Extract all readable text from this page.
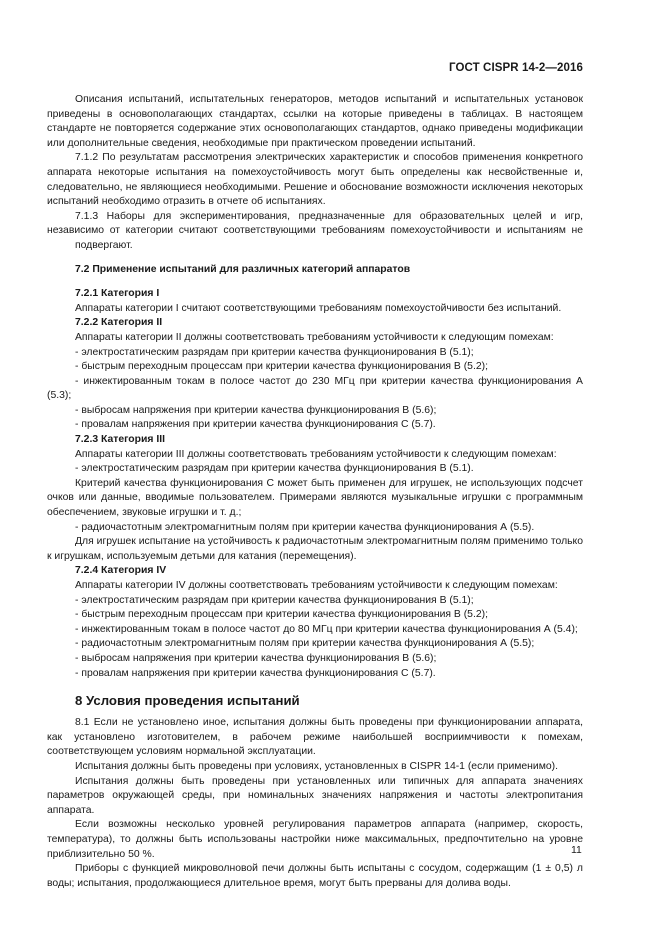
ГОСТ CISPR 14-2—2016

Описания испытаний, испытательных генераторов, методов испытаний и испытательных установок приведены в основополагающих стандартах, ссылки на которые приведены в таблицах. В настоящем стандарте не повторяется содержание этих основополагающих стандартов, однако приведены модификации или дополнительные сведения, необходимые при практическом проведении испытаний.

7.1.2 По результатам рассмотрения электрических характеристик и способов применения конкретного аппарата некоторые испытания на помехоустойчивость могут быть определены как несвойственные и, следовательно, не являющиеся необходимыми. Решение и обоснование возможности исключения некоторых испытаний необходимо отразить в отчете об испытаниях.

7.1.3 Наборы для экспериментирования, предназначенные для образовательных целей и игр, независимо от категории считают соответствующими требованиям помехоустойчивости и испытаниям не подвергают.

7.2 Применение испытаний для различных категорий аппаратов

7.2.1 Категория I

Аппараты категории I считают соответствующими требованиям помехоустойчивости без испытаний.

7.2.2 Категория II

Аппараты категории II должны соответствовать требованиям устойчивости к следующим помехам:

- электростатическим разрядам при критерии качества функционирования В (5.1);

- быстрым переходным процессам при критерии качества функционирования В (5.2);

- инжектированным токам в полосе частот до 230 МГц при критерии качества функционирования А (5.3);

- выбросам напряжения при критерии качества функционирования В (5.6);

- провалам напряжения при критерии качества функционирования С (5.7).

7.2.3 Категория III

Аппараты категории III должны соответствовать требованиям устойчивости к следующим помехам:

- электростатическим разрядам при критерии качества функционирования В (5.1).

Критерий качества функционирования С может быть применен для игрушек, не использующих подсчет очков или данные, вводимые пользователем. Примерами являются музыкальные игрушки с программным обеспечением, звуковые игрушки и т. д.;

- радиочастотным электромагнитным полям при критерии качества функционирования А (5.5).

Для игрушек испытание на устойчивость к радиочастотным электромагнитным полям применимо только к игрушкам, используемым детьми для катания (перемещения).

7.2.4 Категория IV

Аппараты категории IV должны соответствовать требованиям устойчивости к следующим помехам:

- электростатическим разрядам при критерии качества функционирования В (5.1);

- быстрым переходным процессам при критерии качества функционирования В (5.2);

- инжектированным токам в полосе частот до 80 МГц при критерии качества функционирования А (5.4);

- радиочастотным электромагнитным полям при критерии качества функционирования А (5.5);

- выбросам напряжения при критерии качества функционирования В (5.6);

- провалам напряжения при критерии качества функционирования С (5.7).

8 Условия проведения испытаний

8.1 Если не установлено иное, испытания должны быть проведены при функционировании аппарата, как установлено изготовителем, в рабочем режиме наибольшей восприимчивости к помехам, соответствующем условиям нормальной эксплуатации.

Испытания должны быть проведены при условиях, установленных в CISPR 14-1 (если применимо).

Испытания должны быть проведены при установленных или типичных для аппарата значениях параметров окружающей среды, при номинальных значениях напряжения и частоты электропитания аппарата.

Если возможны несколько уровней регулирования параметров аппарата (например, скорость, температура), то должны быть использованы настройки ниже максимальных, предпочтительно на уровне приблизительно 50 %.

Приборы с функцией микроволновой печи должны быть испытаны с сосудом, содержащим (1 ± 0,5) л воды; испытания, продолжающиеся длительное время, могут быть прерваны для долива воды.

11
